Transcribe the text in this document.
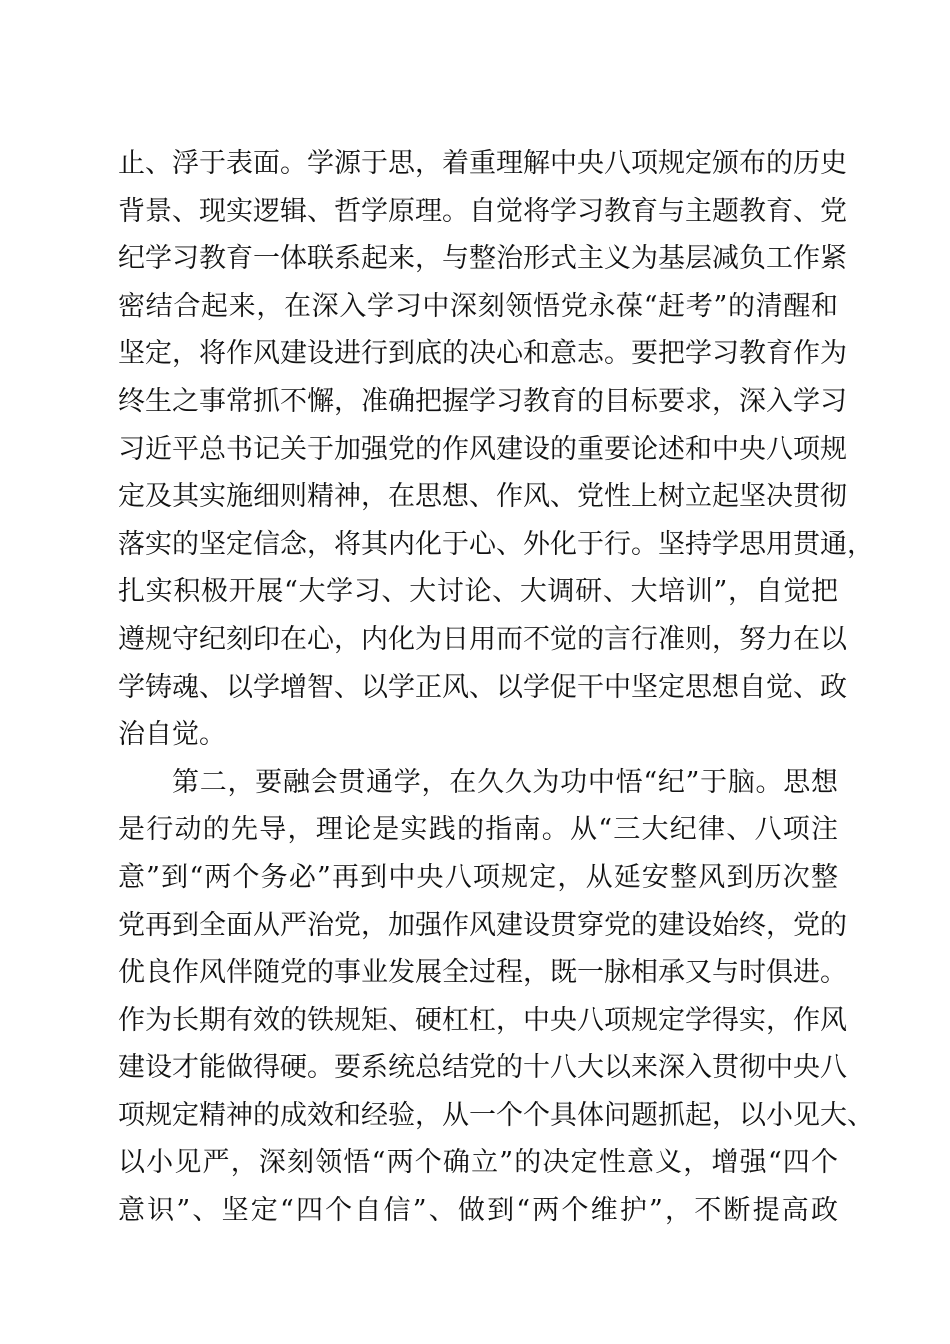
止、浮于表面。学源于思，着重理解中央八项规定颁布的历史
背景、现实逻辑、哲学原理。自觉将学习教育与主题教育、党
纪学习教育一体联系起来，与整治形式主义为基层减负工作紧
密结合起来，在深入学习中深刻领悟党永葆“赶考”的清醒和
坚定，将作风建设进行到底的决心和意志。要把学习教育作为
终生之事常抓不懈，准确把握学习教育的目标要求，深入学习
习近平总书记关于加强党的作风建设的重要论述和中央八项规
定及其实施细则精神，在思想、作风、党性上树立起坚决贯彻
落实的坚定信念，将其内化于心、外化于行。坚持学思用贯通，
扎实积极开展“大学习、大讨论、大调研、大培训”，自觉把
遵规守纪刻印在心，内化为日用而不觉的言行准则，努力在以
学铸魂、以学增智、以学正风、以学促干中坚定思想自觉、政
治自觉。
第二，要融会贯通学，在久久为功中悟“纪”于脑。思想
是行动的先导，理论是实践的指南。从“三大纪律、八项注
意”到“两个务必”再到中央八项规定，从延安整风到历次整
党再到全面从严治党，加强作风建设贯穿党的建设始终，党的
优良作风伴随党的事业发展全过程，既一脉相承又与时俱进。
作为长期有效的铁规矩、硬杠杠，中央八项规定学得实，作风
建设才能做得硬。要系统总结党的十八大以来深入贯彻中央八
项规定精神的成效和经验，从一个个具体问题抓起，以小见大、
以小见严，深刻领悟“两个确立”的决定性意义，增强“四个
意识”、坚定“四个自信”、做到“两个维护”，不断提高政
